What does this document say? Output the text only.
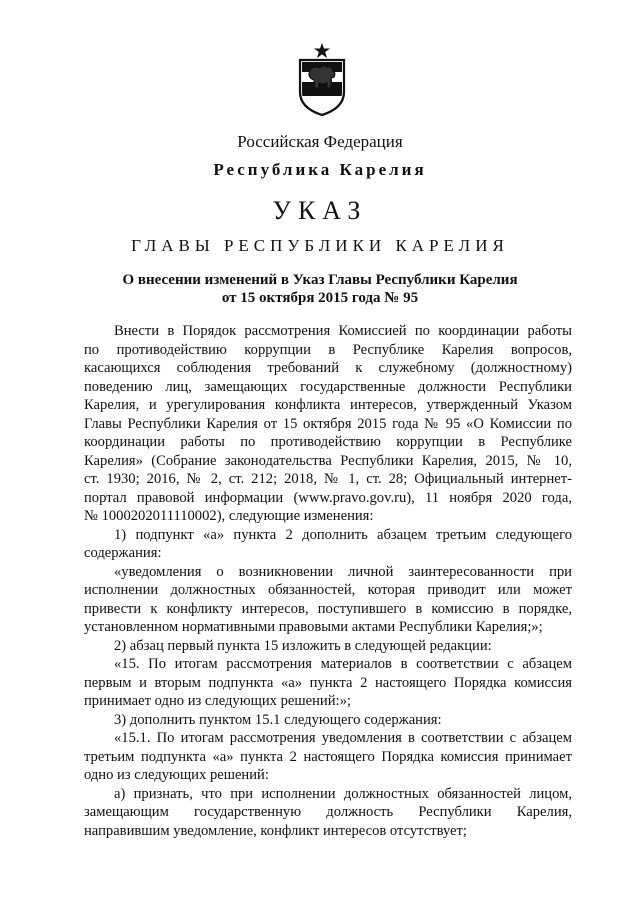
Российская Федерация
Республика Карелия
УКАЗ
ГЛАВЫ РЕСПУБЛИКИ КАРЕЛИЯ
О внесении изменений в Указ Главы Республики Карелия
от 15 октября 2015 года № 95
Внести в Порядок рассмотрения Комиссией по координации работы
по противодействию коррупции в Республике Карелия вопросов,
касающихся соблюдения требований к служебному (должностному)
поведению лиц, замещающих государственные должности Республики
Карелия, и урегулирования конфликта интересов, утвержденный Указом
Главы Республики Карелия от 15 октября 2015 года № 95 «О Комиссии по
координации работы по противодействию коррупции в Республике
Карелия» (Собрание законодательства Республики Карелия, 2015, № 10,
ст. 1930; 2016, № 2, ст. 212; 2018, № 1, ст. 28; Официальный интернет-
портал правовой информации (www.pravo.gov.ru), 11 ноября 2020 года,
№ 1000202011110002), следующие изменения:
1) подпункт «а» пункта 2 дополнить абзацем третьим следующего
содержания:
«уведомления о возникновении личной заинтересованности при
исполнении должностных обязанностей, которая приводит или может
привести к конфликту интересов, поступившего в комиссию в порядке,
установленном нормативными правовыми актами Республики Карелия;»;
2) абзац первый пункта 15 изложить в следующей редакции:
«15. По итогам рассмотрения материалов в соответствии с абзацем
первым и вторым подпункта «а» пункта 2 настоящего Порядка комиссия
принимает одно из следующих решений:»;
3) дополнить пунктом 15.1 следующего содержания:
«15.1. По итогам рассмотрения уведомления в соответствии с абзацем
третьим подпункта «а» пункта 2 настоящего Порядка комиссия принимает
одно из следующих решений:
а) признать, что при исполнении должностных обязанностей лицом,
замещающим государственную должность Республики Карелия,
направившим уведомление, конфликт интересов отсутствует;
